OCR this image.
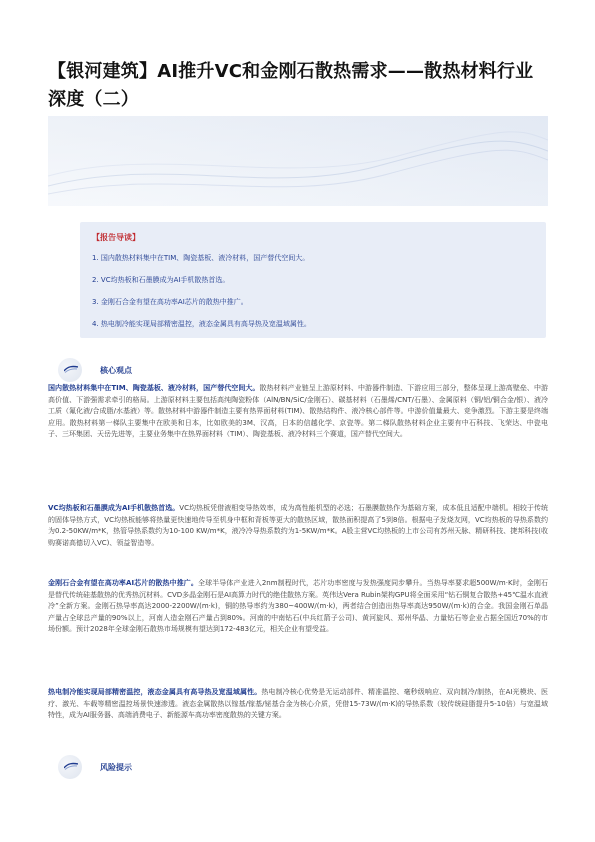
【银河建筑】AI推升VC和金刚石散热需求——散热材料行业深度（二）
【报告导读】
1. 国内散热材料集中在TIM、陶瓷基板、液冷材料，国产替代空间大。
2. VC均热板和石墨膜成为AI手机散热首选。
3. 金刚石合金有望在高功率AI芯片的散热中推广。
4. 热电制冷能实现局部精密温控，液态金属具有高导热及宽温域属性。
核心观点
国内散热材料集中在TIM、陶瓷基板、液冷材料，国产替代空间大。散热材料产业链呈上游原材料、中游器件制造、下游应用三部分，整体呈现上游高壁垒、中游高价值、下游强需求牵引的格局。上游原材料主要包括高纯陶瓷粉体（AlN/BN/SiC/金刚石）、碳基材料（石墨烯/CNT/石墨）、金属原料（铜/铝/铜合金/银）、液冷工质（氟化液/合成脂/水基液）等。散热材料中游器件制造主要有热界面材料(TIM)、散热结构件、液冷核心部件等。中游价值量最大、竞争激烈。下游主要是终端应用。散热材料第一梯队主要集中在欧美和日本，比如欧美的3M、汉高，日本的信越化学、京瓷等。第二梯队散热材料企业主要有中石科技、飞荣达、中瓷电子、三环集团、天岳先进等，主要业务集中在热界面材料（TIM）、陶瓷基板、液冷材料三个赛道，国产替代空间大。
VC均热板和石墨膜成为AI手机散热首选。VC均热板凭借液相变导热效率，成为高性能机型的必选；石墨膜散热作为基础方案，成本低且适配中端机。相较于传统的固体导热方式，VC均热板能够将热量更快速地传导至机身中框和背板等更大的散热区域，散热面积提高了5到8倍。根据电子发烧友网，VC均热板的导热系数约为0.2-50KW/m*K，热管导热系数约为10-100 KW/m*K，液冷冷导热系数约为1-5KW/m*K。A股主营VC均热板的上市公司有苏州天脉、精研科技、捷邦科技(收购赛诺高德切入VC)、领益智造等。
金刚石合金有望在高功率AI芯片的散热中推广。全球半导体产业进入2nm制程时代，芯片功率密度与发热强度同步攀升。当热导率要求超500W/m·K时，金刚石是替代传统硅基散热的优秀热沉材料。CVD多晶金刚石是AI高算力时代的绝佳散热方案。英伟达Vera Rubin架构GPU将全面采用“钻石铜复合散热+45℃温水直液冷”全新方案。金刚石热导率高达2000-2200W/(m·k)，铜的热导率约为380~400W/(m·k)，两者结合创造出热导率高达950W/(m·k)的合金。我国金刚石单晶产量占全球总产量的90%以上，河南人造金刚石产量占到80%。河南的中南钻石(中兵红箭子公司)、黄河旋风、郑州华晶、力量钻石等企业占据全国近70%的市场份额。预计2028年全球金刚石散热市场规模有望达到172-483亿元，相关企业有望受益。
热电制冷能实现局部精密温控，液态金属具有高导热及宽温域属性。热电制冷核心优势是无运动部件、精准温控、毫秒级响应、双向制冷/制热，在AI光模块、医疗、激光、车载等精密温控场景快速渗透。液态金属散热以镓基/镓基/铋基合金为核心介质，凭借15-73W/(m·K)的导热系数（较传统硅脂提升5-10倍）与宽温域特性，成为AI服务器、高端消费电子、新能源车高功率密度散热的关键方案。
风险提示
